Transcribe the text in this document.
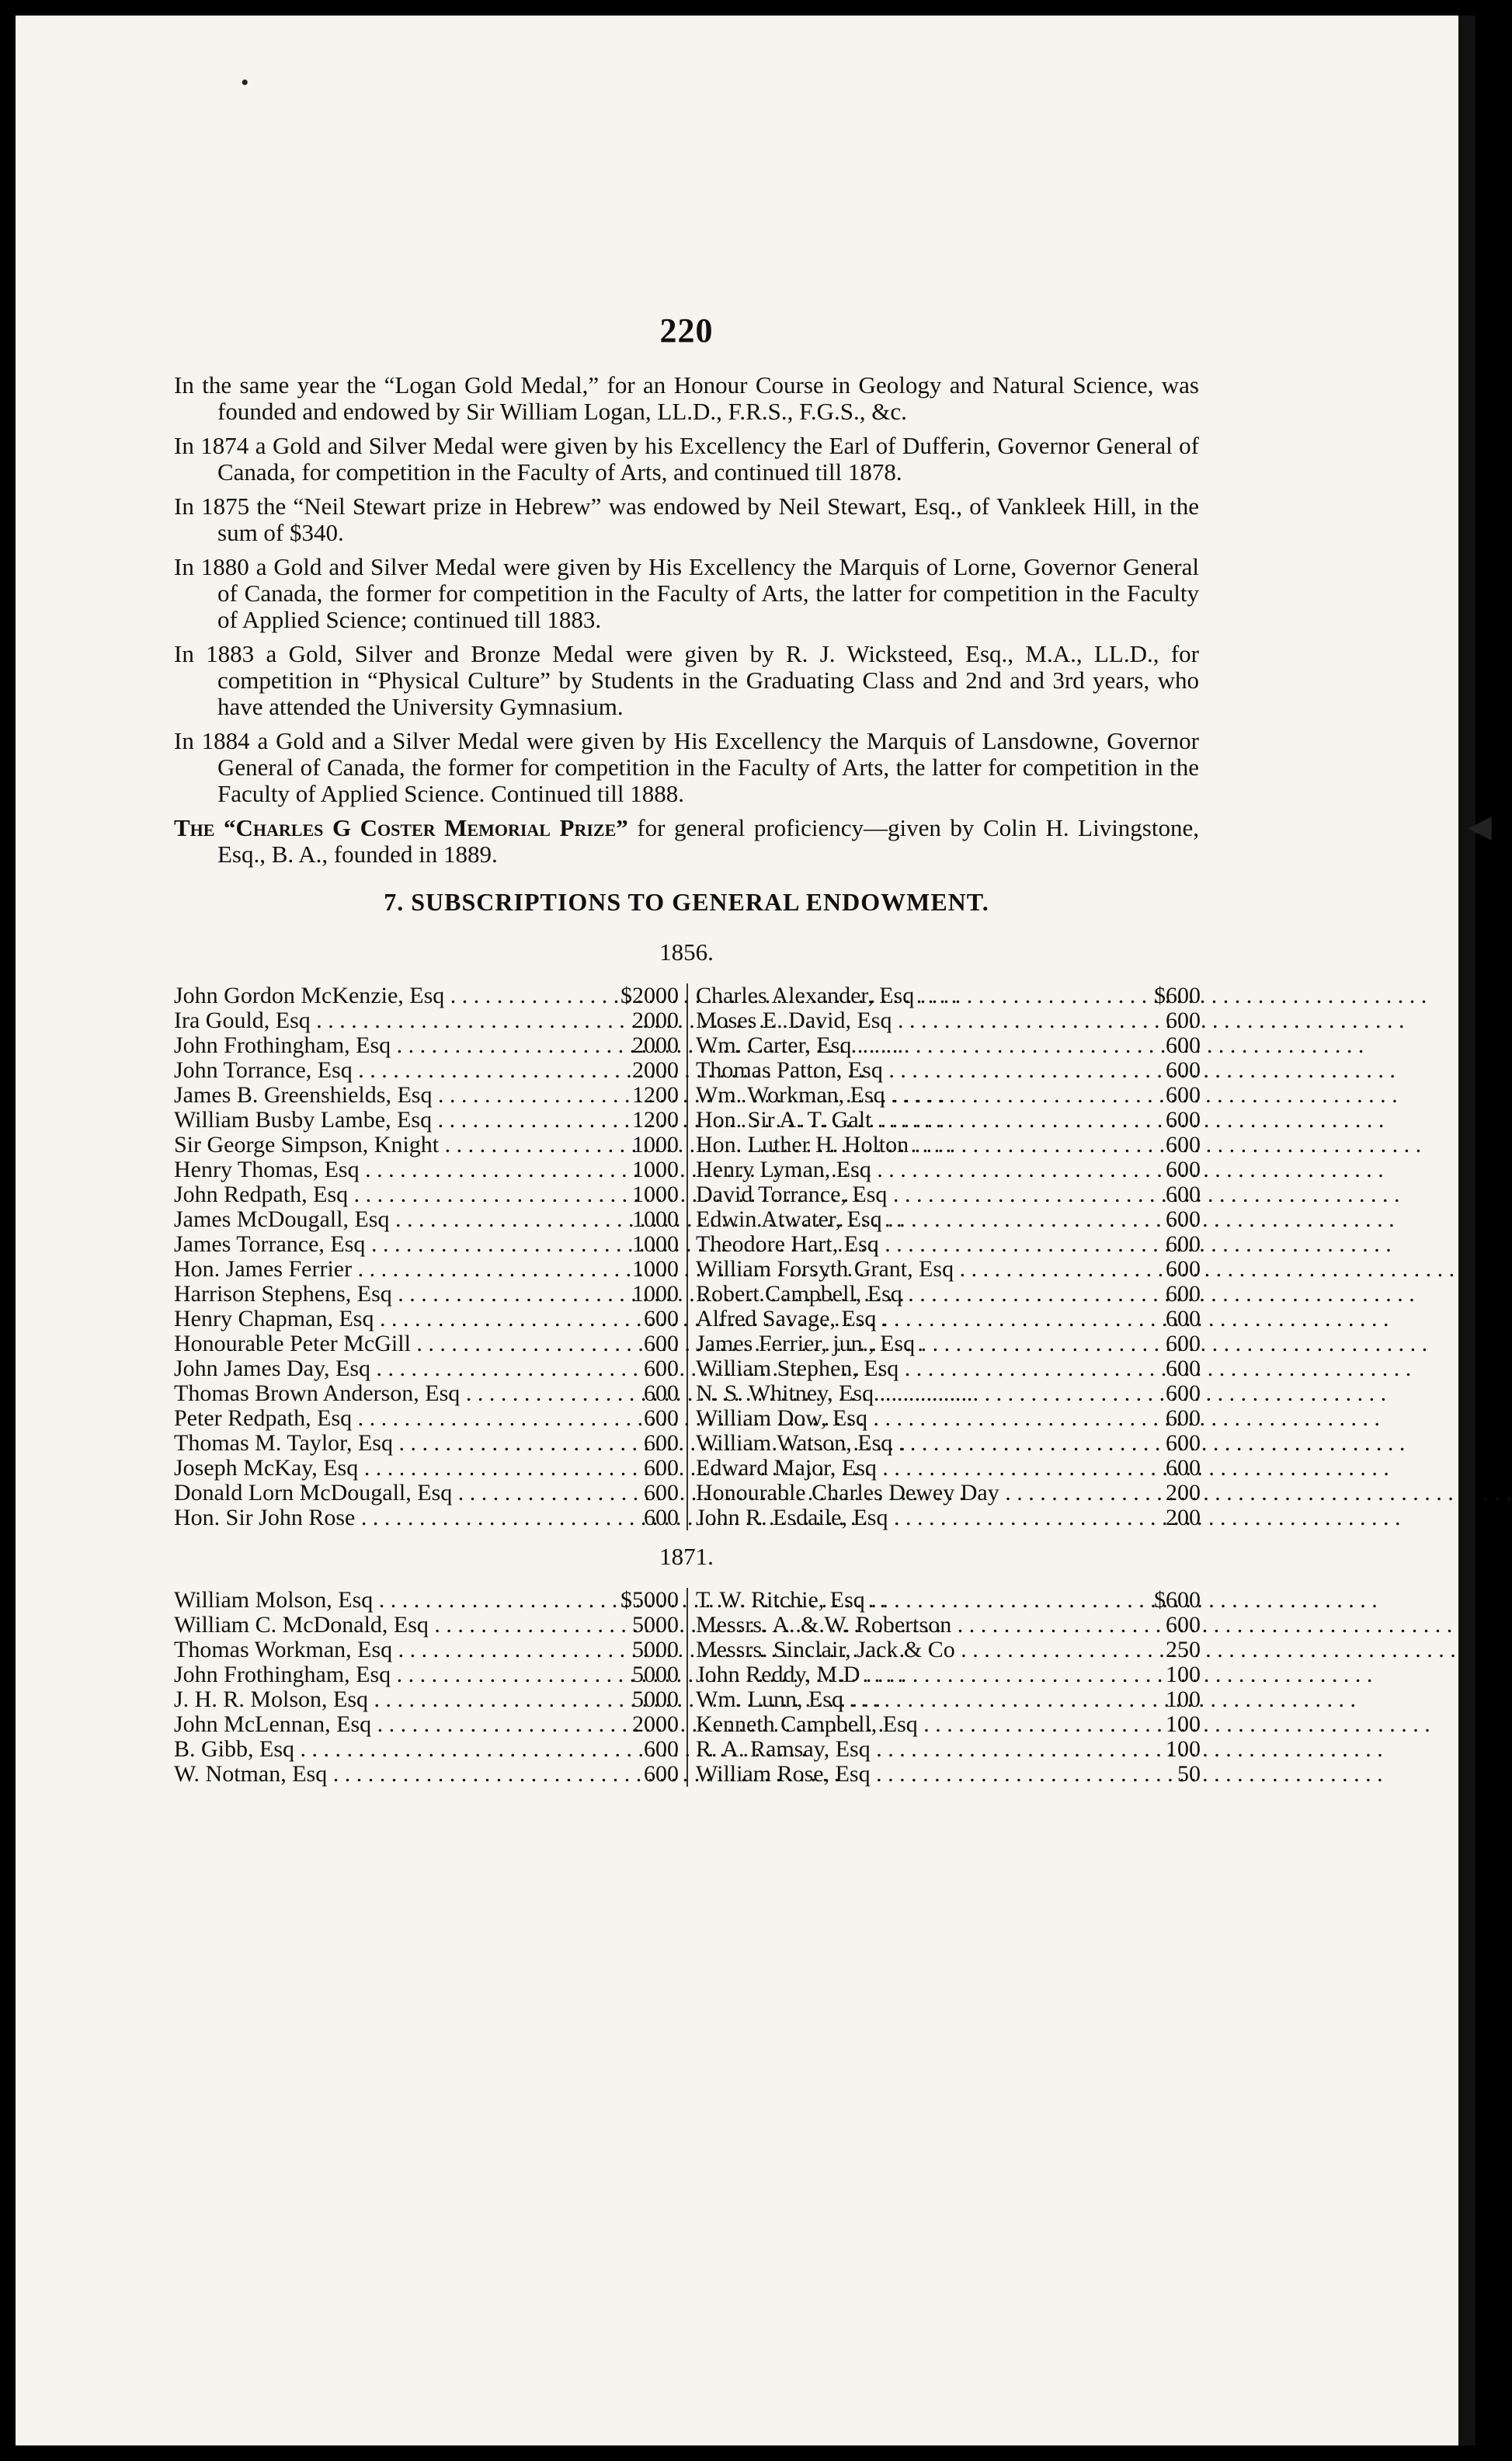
•
◀
220

In the same year the “Logan Gold Medal,” for an Honour Course in Geology and Natural Science, was founded and endowed by Sir William Logan, LL.D., F.R.S., F.G.S., &c.

In 1874 a Gold and Silver Medal were given by his Excellency the Earl of Dufferin, Governor General of Canada, for competition in the Faculty of Arts, and continued till 1878.

In 1875 the “Neil Stewart prize in Hebrew” was endowed by Neil Stewart, Esq., of Vankleek Hill, in the sum of $340.

In 1880 a Gold and Silver Medal were given by His Excellency the Marquis of Lorne, Governor General of Canada, the former for competition in the Faculty of Arts, the latter for competition in the Faculty of Applied Science; continued till 1883.

In 1883 a Gold, Silver and Bronze Medal were given by R. J. Wicksteed, Esq., M.A., LL.D., for competition in “Physical Culture” by Students in the Graduating Class and 2nd and 3rd years, who have attended the University Gymnasium.

In 1884 a Gold and a Silver Medal were given by His Excellency the Marquis of Lansdowne, Governor General of Canada, the former for competition in the Faculty of Arts, the latter for competition in the Faculty of Applied Science. Continued till 1888.

The “Charles G Coster Memorial Prize” for general proficiency—given by Colin H. Livingstone, Esq., B. A., founded in 1889.

7. SUBSCRIPTIONS TO GENERAL ENDOWMENT.
1856.
John Gordon McKenzie, Esq . . .	$2000	Charles Alexander, Esq . . .	$600
Ira Gould, Esq . . .	2000	Moses E. David, Esq . . .	600
John Frothingham, Esq . . .	2000	Wm. Carter, Esq . . .	600
John Torrance, Esq . . .	2000	Thomas Patton, Esq . . .	600
James B. Greenshields, Esq . . .	1200	Wm. Workman, Esq . . .	600
William Busby Lambe, Esq . . .	1200	Hon. Sir A. T. Galt . . .	600
Sir George Simpson, Knight . . .	1000	Hon. Luther H. Holton . . .	600
Henry Thomas, Esq . . .	1000	Henry Lyman, Esq . . .	600
John Redpath, Esq . . .	1000	David Torrance, Esq . . .	600
James McDougall, Esq . . .	1000	Edwin Atwater, Esq . . .	600
James Torrance, Esq . . .	1000	Theodore Hart, Esq . . .	600
Hon. James Ferrier . . .	1000	William Forsyth Grant, Esq . . .	600
Harrison Stephens, Esq . . .	1000	Robert Campbell, Esq . . .	600
Henry Chapman, Esq . . .	600	Alfred Savage, Esq . . .	600
Honourable Peter McGill . . .	600	James Ferrier, jun., Esq . . .	600
John James Day, Esq . . .	600	William Stephen, Esq . . .	600
Thomas Brown Anderson, Esq . . .	600	N. S. Whitney, Esq . . .	600
Peter Redpath, Esq . . .	600	William Dow, Esq . . .	600
Thomas M. Taylor, Esq . . .	600	William Watson, Esq . . .	600
Joseph McKay, Esq . . .	600	Edward Major, Esq . . .	600
Donald Lorn McDougall, Esq . . .	600	Honourable Charles Dewey Day . . .	200
Hon. Sir John Rose . . .	600	John R. Esdaile, Esq . . .	200
1871.
William Molson, Esq . . .	$5000	T. W. Ritchie, Esq . . .	$600
William C. McDonald, Esq . . .	5000	Messrs. A. & W. Robertson . . .	600
Thomas Workman, Esq . . .	5000	Messrs. Sinclair, Jack & Co . . .	250
John Frothingham, Esq . . .	5000	John Reddy, M.D . . .	100
J. H. R. Molson, Esq . . .	5000	Wm. Lunn, Esq . . .	100
John McLennan, Esq . . .	2000	Kenneth Campbell, Esq . . .	100
B. Gibb, Esq . . .	600	R. A. Ramsay, Esq . . .	100
W. Notman, Esq . . .	600	William Rose, Esq . . .	50
